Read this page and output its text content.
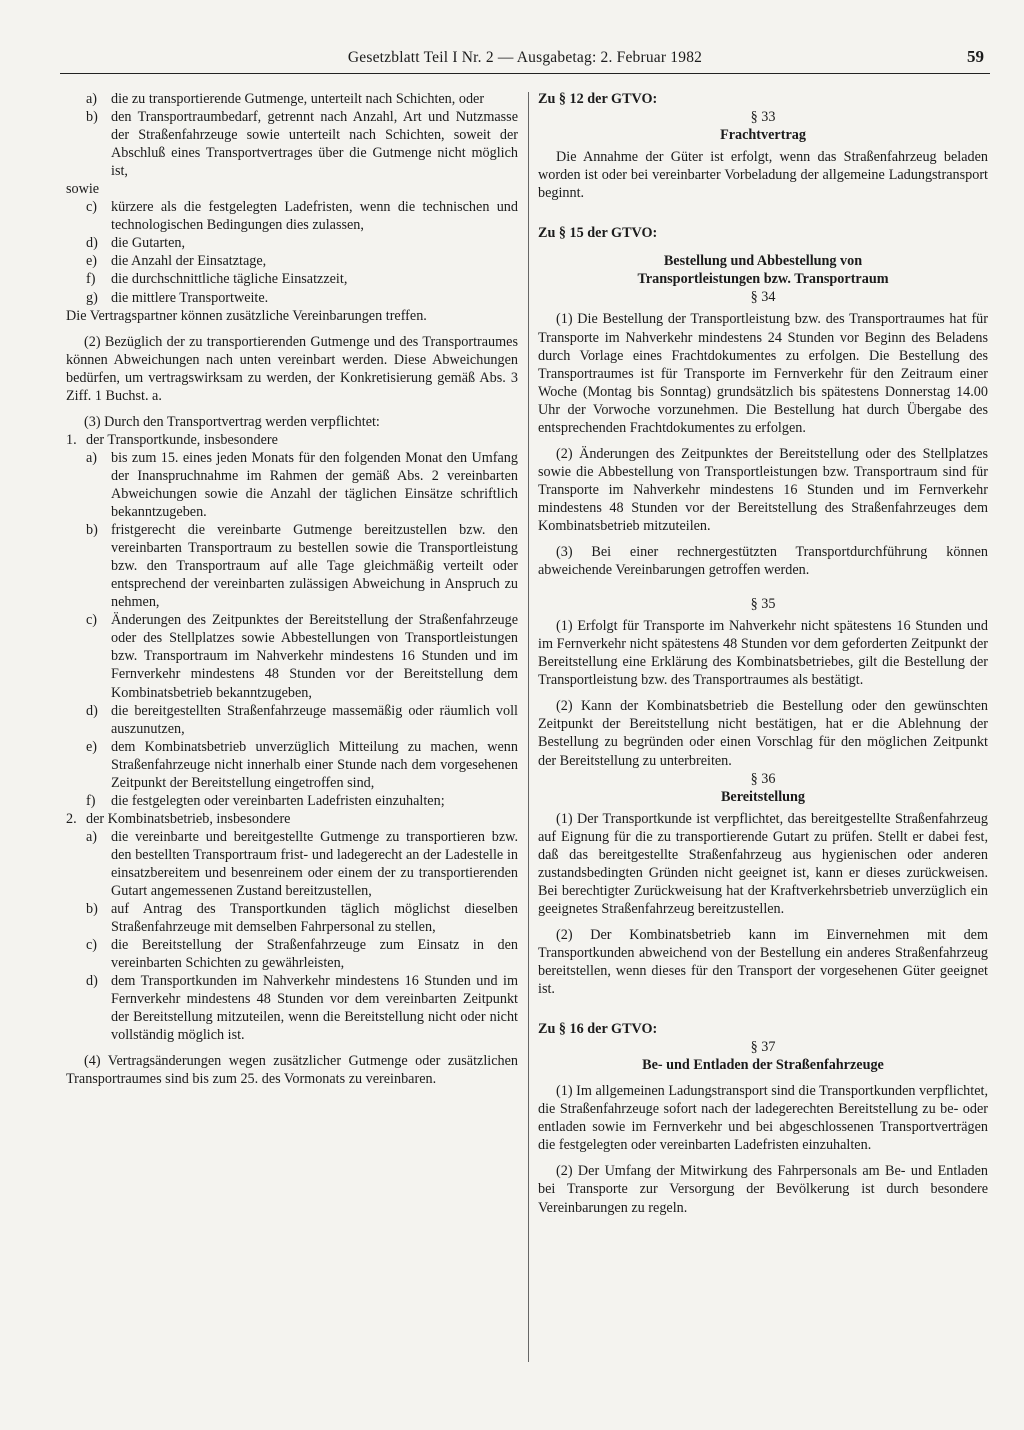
Gesetzblatt Teil I Nr. 2 — Ausgabetag: 2. Februar 1982	59
a) die zu transportierende Gutmenge, unterteilt nach Schichten, oder
b) den Transportraumbedarf, getrennt nach Anzahl, Art und Nutzmasse der Straßenfahrzeuge sowie unterteilt nach Schichten, soweit der Abschluß eines Transportvertrages über die Gutmenge nicht möglich ist,

sowie

c) kürzere als die festgelegten Ladefristen, wenn die technischen und technologischen Bedingungen dies zulassen,
d) die Gutarten,
e) die Anzahl der Einsatztage,
f)	die durchschnittliche tägliche Einsatzzeit,
g) die mittlere Transportweite.

Die Vertragspartner können zusätzliche Vereinbarungen treffen.

(2) Bezüglich der zu transportierenden Gutmenge und des Transportraumes können Abweichungen nach unten vereinbart werden. Diese Abweichungen bedürfen, um vertragswirksam zu werden, der Konkretisierung gemäß Abs. 3 Ziff. 1 Buchst. a.

(3) Durch den Transportvertrag werden verpflichtet:

1. der Transportkunde, insbesondere
a) bis zum 15. eines jeden Monats für den folgenden Monat den Umfang der Inanspruchnahme im Rahmen der gemäß Abs. 2 vereinbarten Abweichungen sowie die Anzahl der täglichen Einsätze schriftlich bekanntzugeben.
b) fristgerecht die vereinbarte Gutmenge bereitzustellen bzw. den vereinbarten Transportraum zu bestellen sowie die Transportleistung bzw. den Transportraum auf alle Tage gleichmäßig verteilt oder entsprechend der vereinbarten zulässigen Abweichung in Anspruch zu nehmen,
c) Änderungen des Zeitpunktes der Bereitstellung der Straßenfahrzeuge oder des Stellplatzes sowie Abbestellungen von Transportleistungen bzw. Transportraum im Nahverkehr mindestens 16 Stunden und im Fernverkehr mindestens 48 Stunden vor der Bereitstellung dem Kombinatsbetrieb bekanntzugeben,
d) die bereitgestellten Straßenfahrzeuge massemäßig oder räumlich voll auszunutzen,
e) dem Kombinatsbetrieb unverzüglich Mitteilung zu machen, wenn Straßenfahrzeuge nicht innerhalb einer Stunde nach dem vorgesehenen Zeitpunkt der Bereitstellung eingetroffen sind,
f)	die festgelegten oder vereinbarten Ladefristen einzuhalten;
2. der Kombinatsbetrieb, insbesondere
a) die vereinbarte und bereitgestellte Gutmenge zu transportieren bzw. den bestellten Transportraum frist- und ladegerecht an der Ladestelle in einsatzbereitem und besenreinem oder einem der zu transportierenden Gutart angemessenen Zustand bereitzustellen,
b) auf Antrag des Transportkunden täglich möglichst dieselben Straßenfahrzeuge mit demselben Fahrpersonal zu stellen,
c) die Bereitstellung der Straßenfahrzeuge zum Einsatz in den vereinbarten Schichten zu gewährleisten,
d) dem Transportkunden im Nahverkehr mindestens 16 Stunden und im Fernverkehr mindestens 48 Stunden vor dem vereinbarten Zeitpunkt der Bereitstellung mitzuteilen, wenn die Bereitstellung nicht oder nicht vollständig möglich ist.

(4) Vertragsänderungen wegen zusätzlicher Gutmenge oder zusätzlichen Transportraumes sind bis zum 25. des Vormonats zu vereinbaren.

Zu § 12 der GTVO:

§ 33

Frachtvertrag

Die Annahme der Güter ist erfolgt, wenn das Straßenfahrzeug beladen worden ist oder bei vereinbarter Vorbeladung der allgemeine Ladungstransport beginnt.

Zu § 15 der GTVO:

Bestellung und Abbestellung von

Transportleistungen bzw. Transportraum

§ 34

(1) Die Bestellung der Transportleistung bzw. des Transportraumes hat für Transporte im Nahverkehr mindestens 24 Stunden vor Beginn des Beladens durch Vorlage eines Frachtdokumentes zu erfolgen. Die Bestellung des Transportraumes ist für Transporte im Fernverkehr für den Zeitraum einer Woche (Montag bis Sonntag) grundsätzlich bis spätestens Donnerstag 14.00 Uhr der Vorwoche vorzunehmen. Die Bestellung hat durch Übergabe des entsprechenden Frachtdokumentes zu erfolgen.

(2) Änderungen des Zeitpunktes der Bereitstellung oder des Stellplatzes sowie die Abbestellung von Transportleistungen bzw. Transportraum sind für Transporte im Nahverkehr mindestens 16 Stunden und im Fernverkehr mindestens 48 Stunden vor der Bereitstellung des Straßenfahrzeuges dem Kombinatsbetrieb mitzuteilen.

(3) Bei einer rechnergestützten Transportdurchführung können abweichende Vereinbarungen getroffen werden.

§ 35

(1) Erfolgt für Transporte im Nahverkehr nicht spätestens 16 Stunden und im Fernverkehr nicht spätestens 48 Stunden vor dem geforderten Zeitpunkt der Bereitstellung eine Erklärung des Kombinatsbetriebes, gilt die Bestellung der Transportleistung bzw. des Transportraumes als bestätigt.

(2) Kann der Kombinatsbetrieb die Bestellung oder den gewünschten Zeitpunkt der Bereitstellung nicht bestätigen, hat er die Ablehnung der Bestellung zu begründen oder einen Vorschlag für den möglichen Zeitpunkt der Bereitstellung zu unterbreiten.

§ 36

Bereitstellung

(1) Der Transportkunde ist verpflichtet, das bereitgestellte Straßenfahrzeug auf Eignung für die zu transportierende Gutart zu prüfen. Stellt er dabei fest, daß das bereitgestellte Straßenfahrzeug aus hygienischen oder anderen zustandsbedingten Gründen nicht geeignet ist, kann er dieses zurückweisen. Bei berechtigter Zurückweisung hat der Kraftverkehrsbetrieb unverzüglich ein geeignetes Straßenfahrzeug bereitzustellen.

(2) Der Kombinatsbetrieb kann im Einvernehmen mit dem Transportkunden abweichend von der Bestellung ein anderes Straßenfahrzeug bereitstellen, wenn dieses für den Transport der vorgesehenen Güter geeignet ist.

Zu § 16 der GTVO:

§ 37

Be- und Entladen der Straßenfahrzeuge

(1) Im allgemeinen Ladungstransport sind die Transportkunden verpflichtet, die Straßenfahrzeuge sofort nach der ladegerechten Bereitstellung zu be- oder entladen sowie im Fernverkehr und bei abgeschlossenen Transportverträgen die festgelegten oder vereinbarten Ladefristen einzuhalten.

(2) Der Umfang der Mitwirkung des Fahrpersonals am Be- und Entladen bei Transporte zur Versorgung der Bevölkerung ist durch besondere Vereinbarungen zu regeln.
